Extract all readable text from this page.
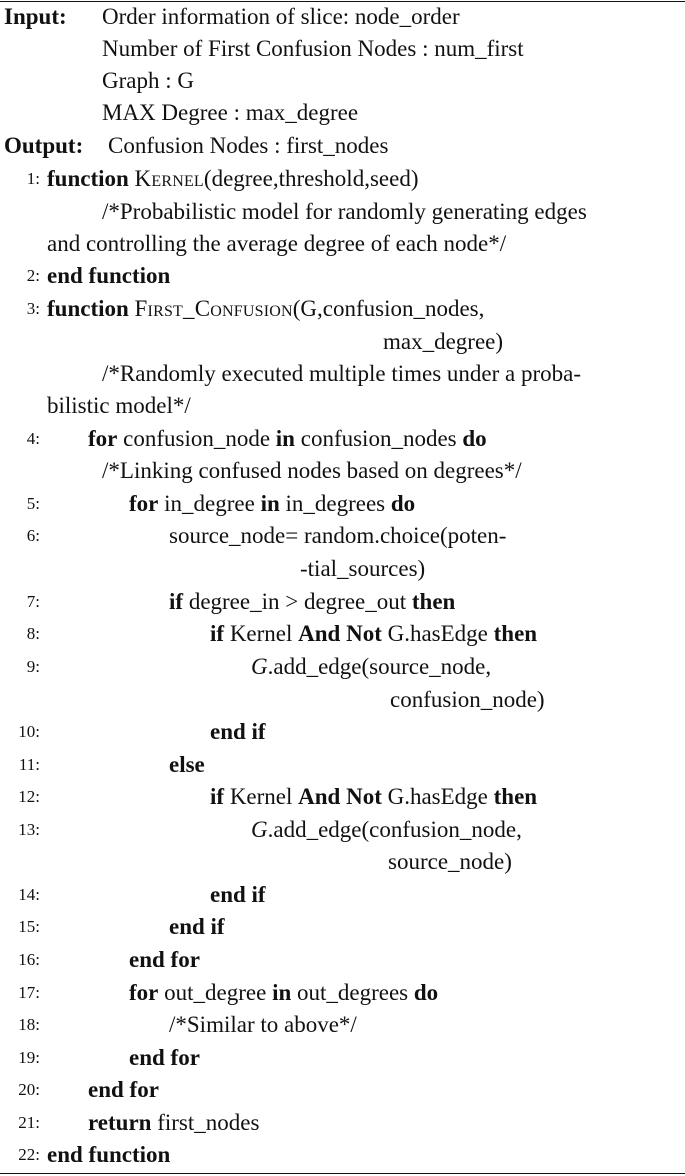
Input: Order information of slice: node_order
Number of First Confusion Nodes : num_first
Graph : G
MAX Degree : max_degree
Output: Confusion Nodes : first_nodes
1: function Kernel(degree,threshold,seed)
/*Probabilistic model for randomly generating edges
and controlling the average degree of each node*/
2: end function
3: function First_Confusion(G,confusion_nodes,
max_degree)
/*Randomly executed multiple times under a proba-
bilistic model*/
4: for confusion_node in confusion_nodes do
/*Linking confused nodes based on degrees*/
5:	for in_degree in in_degrees do
6:	source_node= random.choice(poten-
-tial_sources)
7:	if degree_in > degree_out then
8:	if Kernel And Not G.hasEdge then
9:	G.add_edge(source_node,
confusion_node)
10:	end if
11:	else
12:	if Kernel And Not G.hasEdge then
13:	G.add_edge(confusion_node,
source_node)
14:	end if
15:	end if
16:	end for
17:	for out_degree in out_degrees do
18:	/*Similar to above*/
19:	end for
20: end for
21: return first_nodes
22: end function
